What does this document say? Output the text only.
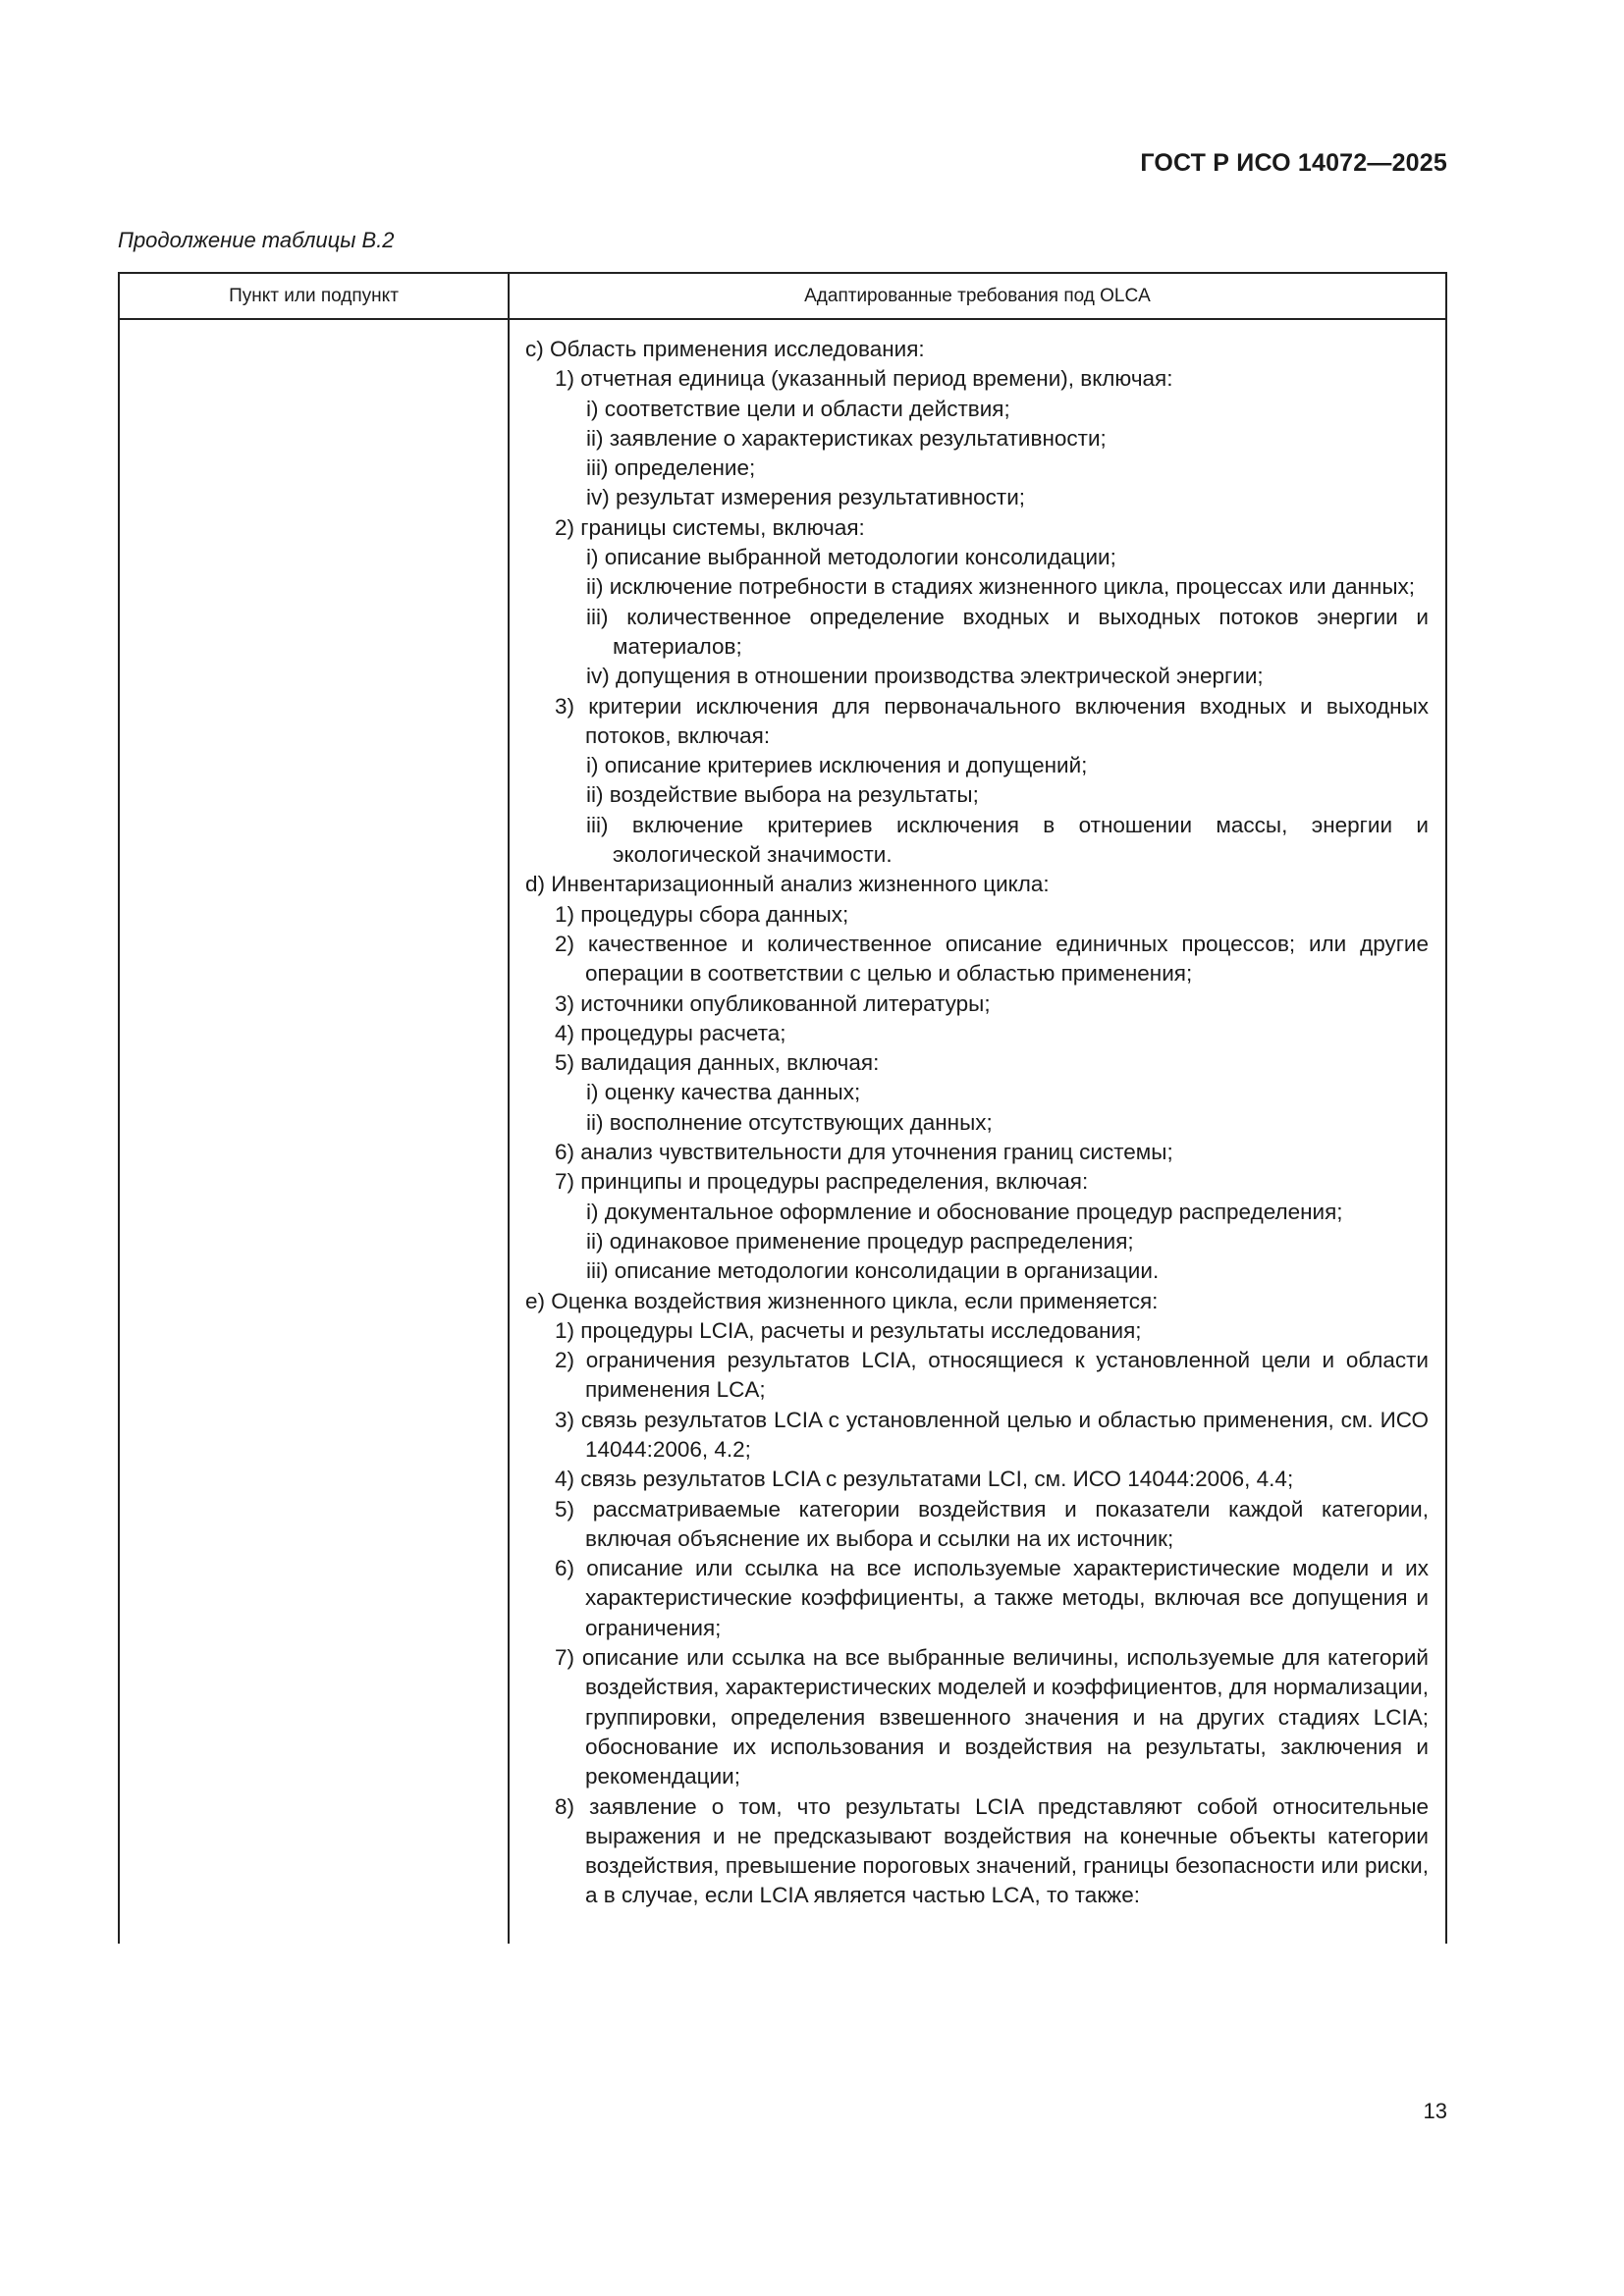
ГОСТ Р ИСО 14072—2025
Продолжение таблицы В.2
Пункт или подпункт	Адаптированные требования под OLCA

c) Область применения исследования:

1) отчетная единица (указанный период времени), включая:

i) соответствие цели и области действия;

ii) заявление о характеристиках результативности;

iii) определение;

iv) результат измерения результативности;

2) границы системы, включая:

i) описание выбранной методологии консолидации;

ii) исключение потребности в стадиях жизненного цикла, процессах или данных;

iii) количественное определение входных и выходных потоков энергии и материалов;

iv) допущения в отношении производства электрической энергии;

3) критерии исключения для первоначального включения входных и выходных потоков, включая:

i) описание критериев исключения и допущений;

ii) воздействие выбора на результаты;

iii) включение критериев исключения в отношении массы, энергии и экологической значимости.

d) Инвентаризационный анализ жизненного цикла:

1) процедуры сбора данных;

2) качественное и количественное описание единичных процессов; или другие операции в соответствии с целью и областью применения;

3) источники опубликованной литературы;

4) процедуры расчета;

5) валидация данных, включая:

i) оценку качества данных;

ii) восполнение отсутствующих данных;

6) анализ чувствительности для уточнения границ системы;

7) принципы и процедуры распределения, включая:

i) документальное оформление и обоснование процедур распределения;

ii) одинаковое применение процедур распределения;

iii) описание методологии консолидации в организации.

e) Оценка воздействия жизненного цикла, если применяется:

1) процедуры LCIA, расчеты и результаты исследования;

2) ограничения результатов LCIA, относящиеся к установленной цели и области применения LCA;

3) связь результатов LCIA с установленной целью и областью применения, см. ИСО 14044:2006, 4.2;

4) связь результатов LCIA с результатами LCI, см. ИСО 14044:2006, 4.4;

5) рассматриваемые категории воздействия и показатели каждой категории, включая объяснение их выбора и ссылки на их источник;

6) описание или ссылка на все используемые характеристические модели и их характеристические коэффициенты, а также методы, включая все допущения и ограничения;

7) описание или ссылка на все выбранные величины, используемые для категорий воздействия, характеристических моделей и коэффициентов, для нормализации, группировки, определения взвешенного значения и на других стадиях LCIA; обоснование их использования и воздействия на результаты, заключения и рекомендации;

8) заявление о том, что результаты LCIA представляют собой относительные выражения и не предсказывают воздействия на конечные объекты категории воздействия, превышение пороговых значений, границы безопасности или риски, а в случае, если LCIA является частью LCA, то также:

13
